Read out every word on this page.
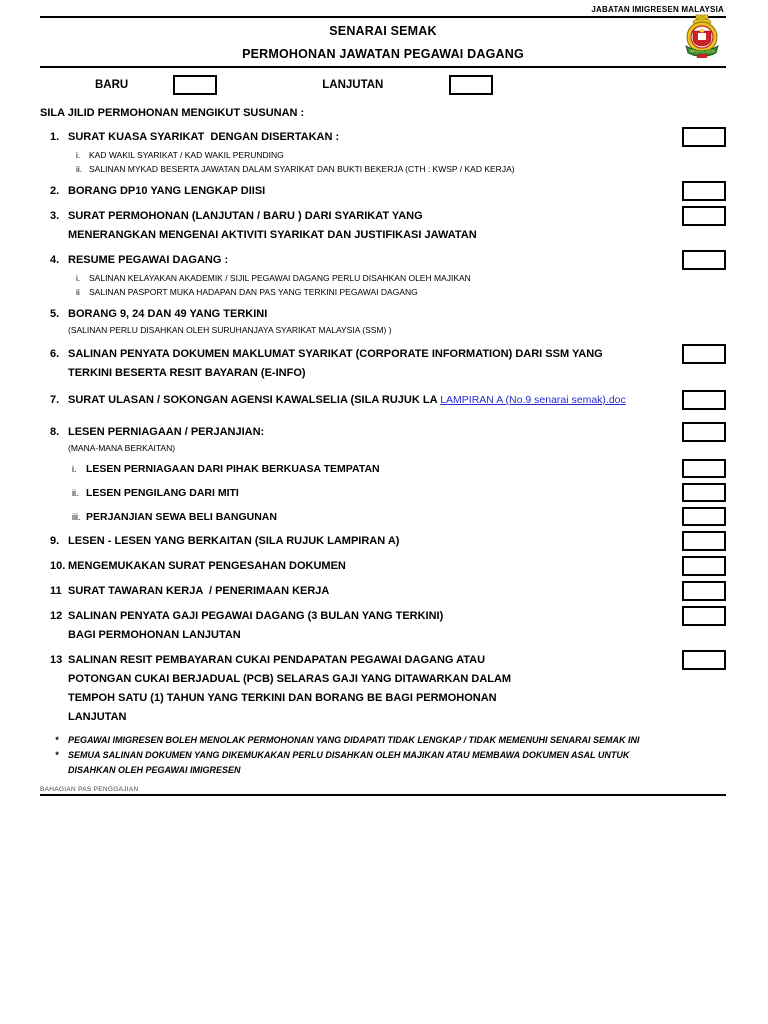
JABATAN IMIGRESEN MALAYSIA
SENARAI SEMAK
PERMOHONAN JAWATAN PEGAWAI DAGANG	IMIGRESEN
BARU	LANJUTAN
SILA JILID PERMOHONAN MENGIKUT SUSUNAN :
1. SURAT KUASA SYARIKAT  DENGAN DISERTAKAN :
i.	KAD WAKIL SYARIKAT / KAD WAKIL PERUNDING
ii. SALINAN MYKAD BESERTA JAWATAN DALAM SYARIKAT DAN BUKTI BEKERJA (CTH : KWSP / KAD KERJA)
2. BORANG DP10 YANG LENGKAP DIISI
3. SURAT PERMOHONAN (LANJUTAN / BARU ) DARI SYARIKAT YANG
MENERANGKAN MENGENAI AKTIVITI SYARIKAT DAN JUSTIFIKASI JAWATAN
4. RESUME PEGAWAI DAGANG :
i.	SALINAN KELAYAKAN AKADEMIK / SIJIL PEGAWAI DAGANG PERLU DISAHKAN OLEH MAJIKAN
ii	SALINAN PASPORT MUKA HADAPAN DAN PAS YANG TERKINI PEGAWAI DAGANG
5. BORANG 9, 24 DAN 49 YANG TERKINI
(SALINAN PERLU DISAHKAN OLEH SURUHANJAYA SYARIKAT MALAYSIA (SSM) )
6. SALINAN PENYATA DOKUMEN MAKLUMAT SYARIKAT (CORPORATE INFORMATION) DARI SSM YANG
TERKINI BESERTA RESIT BAYARAN (E-INFO)
7. SURAT ULASAN / SOKONGAN AGENSI KAWALSELIA (SILA RUJUK LA LAMPIRAN A (No.9 senarai semak).doc
8. LESEN PERNIAGAAN / PERJANJIAN:
(MANA-MANA BERKAITAN)
i. LESEN PERNIAGAAN DARI PIHAK BERKUASA TEMPATAN
ii. LESEN PENGILANG DARI MITI
iii. PERJANJIAN SEWA BELI BANGUNAN
9. LESEN - LESEN YANG BERKAITAN (SILA RUJUK LAMPIRAN A)
10. MENGEMUKAKAN SURAT PENGESAHAN DOKUMEN
11 SURAT TAWARAN KERJA  / PENERIMAAN KERJA
12 SALINAN PENYATA GAJI PEGAWAI DAGANG (3 BULAN YANG TERKINI)
BAGI PERMOHONAN LANJUTAN
13 SALINAN RESIT PEMBAYARAN CUKAI PENDAPATAN PEGAWAI DAGANG ATAU
POTONGAN CUKAI BERJADUAL (PCB) SELARAS GAJI YANG DITAWARKAN DALAM
TEMPOH SATU (1) TAHUN YANG TERKINI DAN BORANG BE BAGI PERMOHONAN
LANJUTAN
*	PEGAWAI IMIGRESEN BOLEH MENOLAK PERMOHONAN YANG DIDAPATI TIDAK LENGKAP / TIDAK MEMENUHI SENARAI SEMAK INI
*	SEMUA SALINAN DOKUMEN YANG DIKEMUKAKAN PERLU DISAHKAN OLEH MAJIKAN ATAU MEMBAWA DOKUMEN ASAL UNTUK
DISAHKAN OLEH PEGAWAI IMIGRESEN
BAHAGIAN PAS PENGGAJIAN
